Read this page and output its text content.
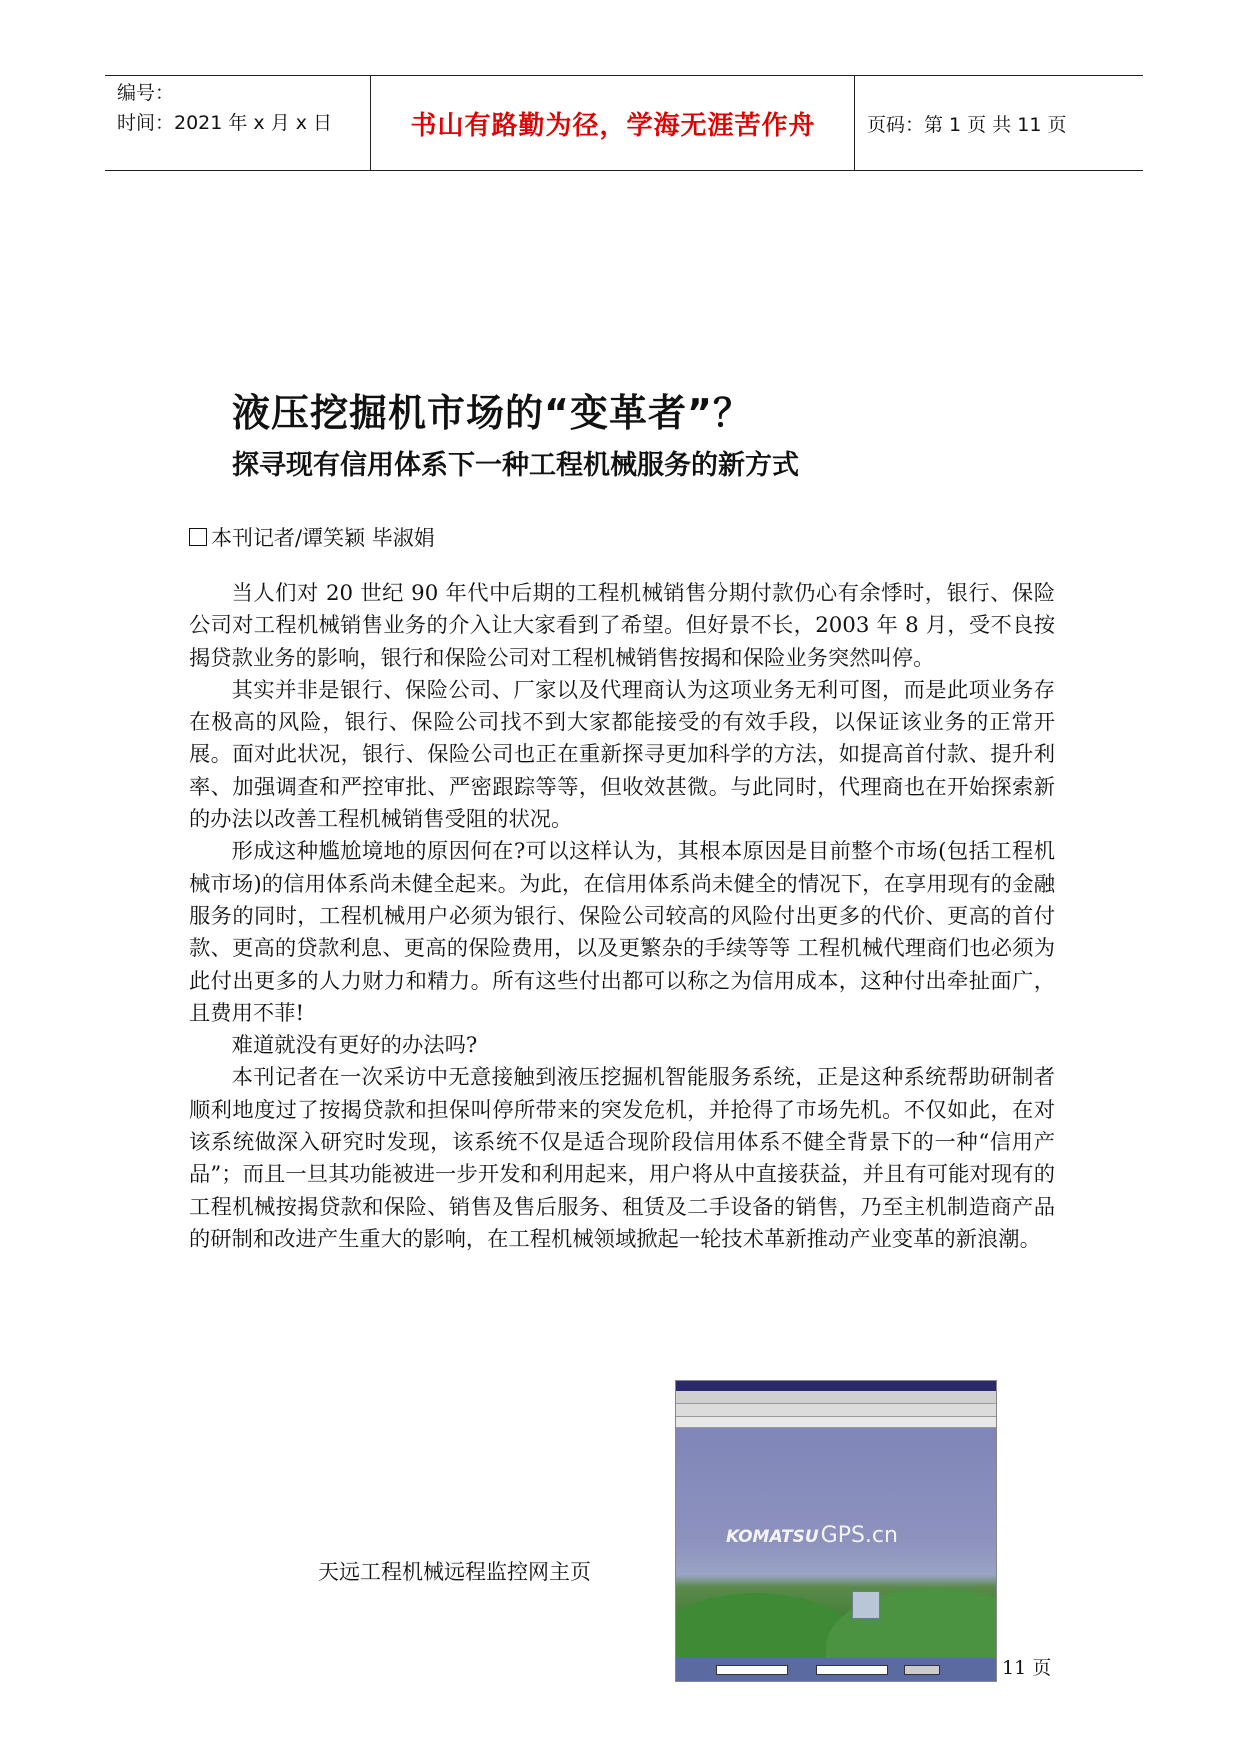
编号：
时间：2021 年 x 月 x 日	书山有路勤为径，学海无涯苦作舟	页码：第 1 页 共 11 页
液压挖掘机市场的“变革者”？
探寻现有信用体系下一种工程机械服务的新方式
本刊记者/谭笑颖 毕淑娟

当人们对 20 世纪 90 年代中后期的工程机械销售分期付款仍心有余悸时，银行、保险公司对工程机械销售业务的介入让大家看到了希望。但好景不长，2003 年 8 月，受不良按揭贷款业务的影响，银行和保险公司对工程机械销售按揭和保险业务突然叫停。

其实并非是银行、保险公司、厂家以及代理商认为这项业务无利可图，而是此项业务存在极高的风险，银行、保险公司找不到大家都能接受的有效手段，以保证该业务的正常开展。面对此状况，银行、保险公司也正在重新探寻更加科学的方法，如提高首付款、提升利率、加强调查和严控审批、严密跟踪等等，但收效甚微。与此同时，代理商也在开始探索新的办法以改善工程机械销售受阻的状况。

形成这种尴尬境地的原因何在?可以这样认为，其根本原因是目前整个市场(包括工程机械市场)的信用体系尚未健全起来。为此，在信用体系尚未健全的情况下，在享用现有的金融服务的同时，工程机械用户必须为银行、保险公司较高的风险付出更多的代价、更高的首付款、更高的贷款利息、更高的保险费用，以及更繁杂的手续等等 工程机械代理商们也必须为此付出更多的人力财力和精力。所有这些付出都可以称之为信用成本，这种付出牵扯面广，且费用不菲!

难道就没有更好的办法吗?

本刊记者在一次采访中无意接触到液压挖掘机智能服务系统，正是这种系统帮助研制者顺利地度过了按揭贷款和担保叫停所带来的突发危机，并抢得了市场先机。不仅如此，在对该系统做深入研究时发现，该系统不仅是适合现阶段信用体系不健全背景下的一种“信用产品”；而且一旦其功能被进一步开发和利用起来，用户将从中直接获益，并且有可能对现有的工程机械按揭贷款和保险、销售及售后服务、租赁及二手设备的销售，乃至主机制造商产品的研制和改进产生重大的影响，在工程机械领域掀起一轮技术革新推动产业变革的新浪潮。

天远工程机械远程监控网主页
KOMATSUGPS.cn
11 页
